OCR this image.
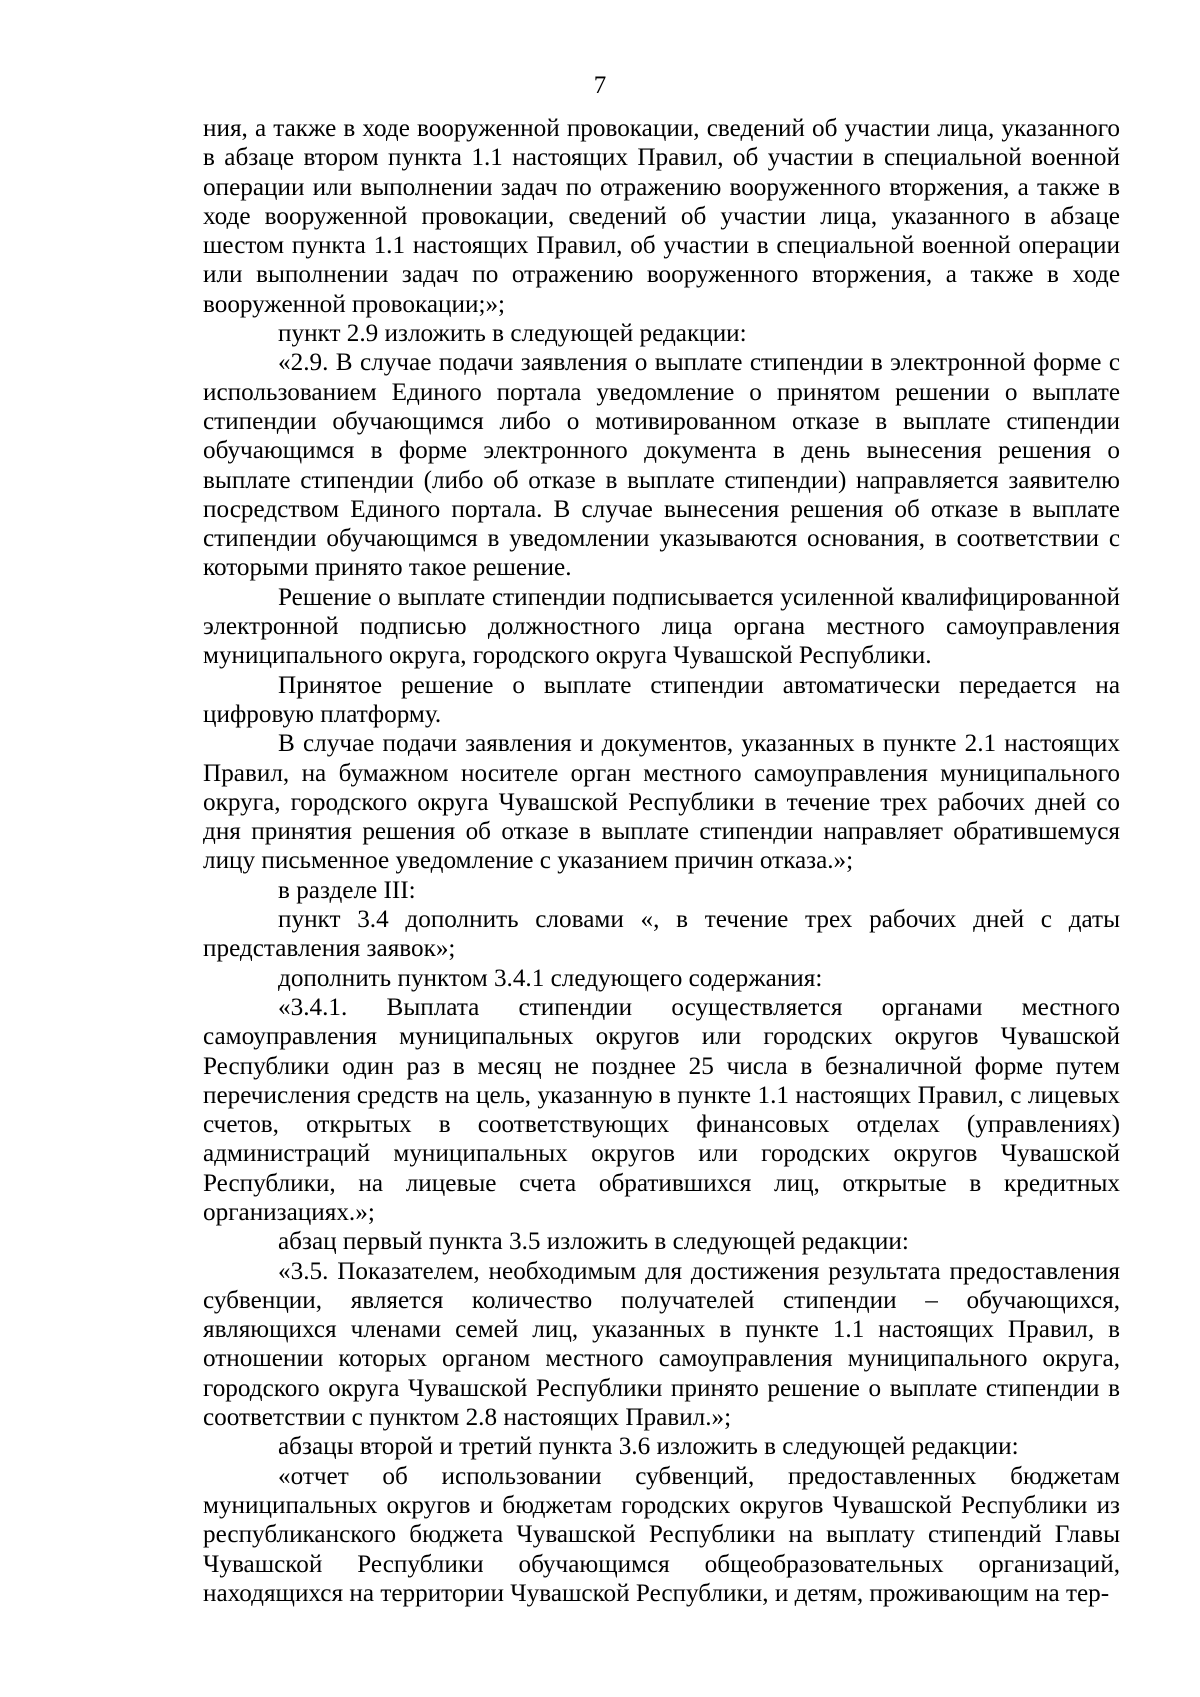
7

ния, а также в ходе вооруженной провокации, сведений об участии лица, указанного в абзаце втором пункта 1.1 настоящих Правил, об участии в специальной военной операции или выполнении задач по отражению вооруженного вторжения, а также в ходе вооруженной провокации, сведений об участии лица, указанного в абзаце шестом пункта 1.1 настоящих Правил, об участии в специальной военной операции или выполнении задач по отражению вооруженного вторжения, а также в ходе вооруженной провокации;»;

пункт 2.9 изложить в следующей редакции:

«2.9. В случае подачи заявления о выплате стипендии в электронной форме с использованием Единого портала уведомление о принятом решении о выплате стипендии обучающимся либо о мотивированном отказе в выплате стипендии обучающимся в форме электронного документа в день вынесения решения о выплате стипендии (либо об отказе в выплате стипендии) направляется заявителю посредством Единого портала. В случае вынесения решения об отказе в выплате стипендии обучающимся в уведомлении указываются основания, в соответствии с которыми принято такое решение.

Решение о выплате стипендии подписывается усиленной квалифицированной электронной подписью должностного лица органа местного самоуправления муниципального округа, городского округа Чувашской Республики.

Принятое решение о выплате стипендии автоматически передается на цифровую платформу.

В случае подачи заявления и документов, указанных в пункте 2.1 настоящих Правил, на бумажном носителе орган местного самоуправления муниципального округа, городского округа Чувашской Республики в течение трех рабочих дней со дня принятия решения об отказе в выплате стипендии направляет обратившемуся лицу письменное уведомление с указанием причин отказа.»;

в разделе III:

пункт 3.4 дополнить словами «, в течение трех рабочих дней с даты представления заявок»;

дополнить пунктом 3.4.1 следующего содержания:

«3.4.1. Выплата стипендии осуществляется органами местного самоуправления муниципальных округов или городских округов Чувашской Республики один раз в месяц не позднее 25 числа в безналичной форме путем перечисления средств на цель, указанную в пункте 1.1 настоящих Правил, с лицевых счетов, открытых в соответствующих финансовых отделах (управлениях) администраций муниципальных округов или городских округов Чувашской Республики, на лицевые счета обратившихся лиц, открытые в кредитных организациях.»;

абзац первый пункта 3.5 изложить в следующей редакции:

«3.5. Показателем, необходимым для достижения результата предоставления субвенции, является количество получателей стипендии – обучающихся, являющихся членами семей лиц, указанных в пункте 1.1 настоящих Правил, в отношении которых органом местного самоуправления муниципального округа, городского округа Чувашской Республики принято решение о выплате стипендии в соответствии с пунктом 2.8 настоящих Правил.»;

абзацы второй и третий пункта 3.6 изложить в следующей редакции:

«отчет об использовании субвенций, предоставленных бюджетам муниципальных округов и бюджетам городских округов Чувашской Республики из республиканского бюджета Чувашской Республики на выплату стипендий Главы Чувашской Республики обучающимся общеобразовательных организаций, находящихся на территории Чувашской Республики, и детям, проживающим на тер-
